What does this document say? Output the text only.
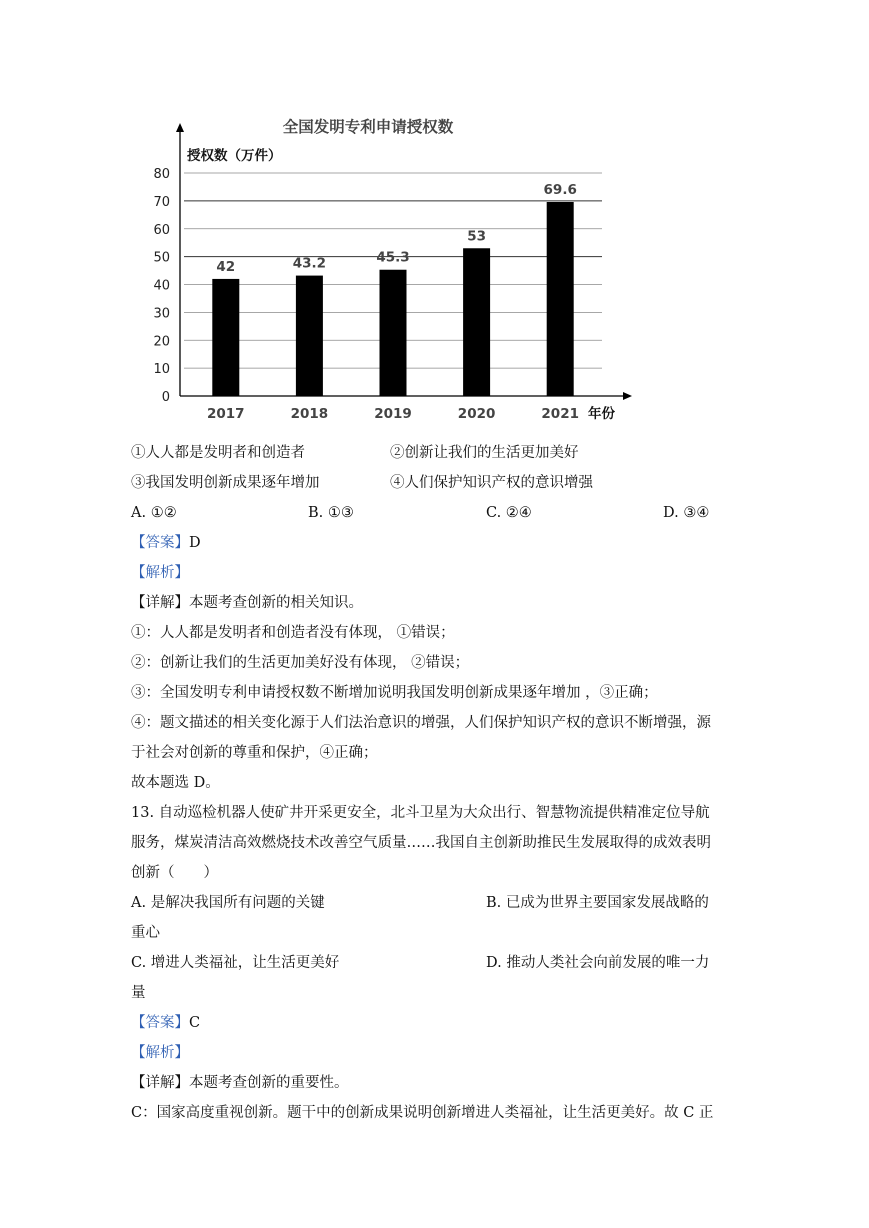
0
10
20
30
40
50
60
70
80
42
2017
43.2
2018
45.3
2019
53
2020
69.6
2021
全国发明专利申请授权数
授权数（万件）
年份
①人人都是发明者和创造者	②创新让我们的生活更加美好
③我国发明创新成果逐年增加	④人们保护知识产权的意识增强
A. ①②	B. ①③	C. ②④	D. ③④
【答案】D
【解析】
【详解】本题考查创新的相关知识。
①：人人都是发明者和创造者没有体现， ①错误；
②：创新让我们的生活更加美好没有体现， ②错误；
③：全国发明专利申请授权数不断增加说明我国发明创新成果逐年增加 ，③正确；
④：题文描述的相关变化源于人们法治意识的增强，人们保护知识产权的意识不断增强，源
于社会对创新的尊重和保护，④正确；
故本题选 D。
13. 自动巡检机器人使矿井开采更安全，北斗卫星为大众出行、智慧物流提供精准定位导航
服务，煤炭清洁高效燃烧技术改善空气质量……我国自主创新助推民生发展取得的成效表明
创新（　　）
A. 是解决我国所有问题的关键	B. 已成为世界主要国家发展战略的
重心
C. 增进人类福祉，让生活更美好	D. 推动人类社会向前发展的唯一力
量
【答案】C
【解析】
【详解】本题考查创新的重要性。
C：国家高度重视创新。题干中的创新成果说明创新增进人类福祉，让生活更美好。故 C 正
